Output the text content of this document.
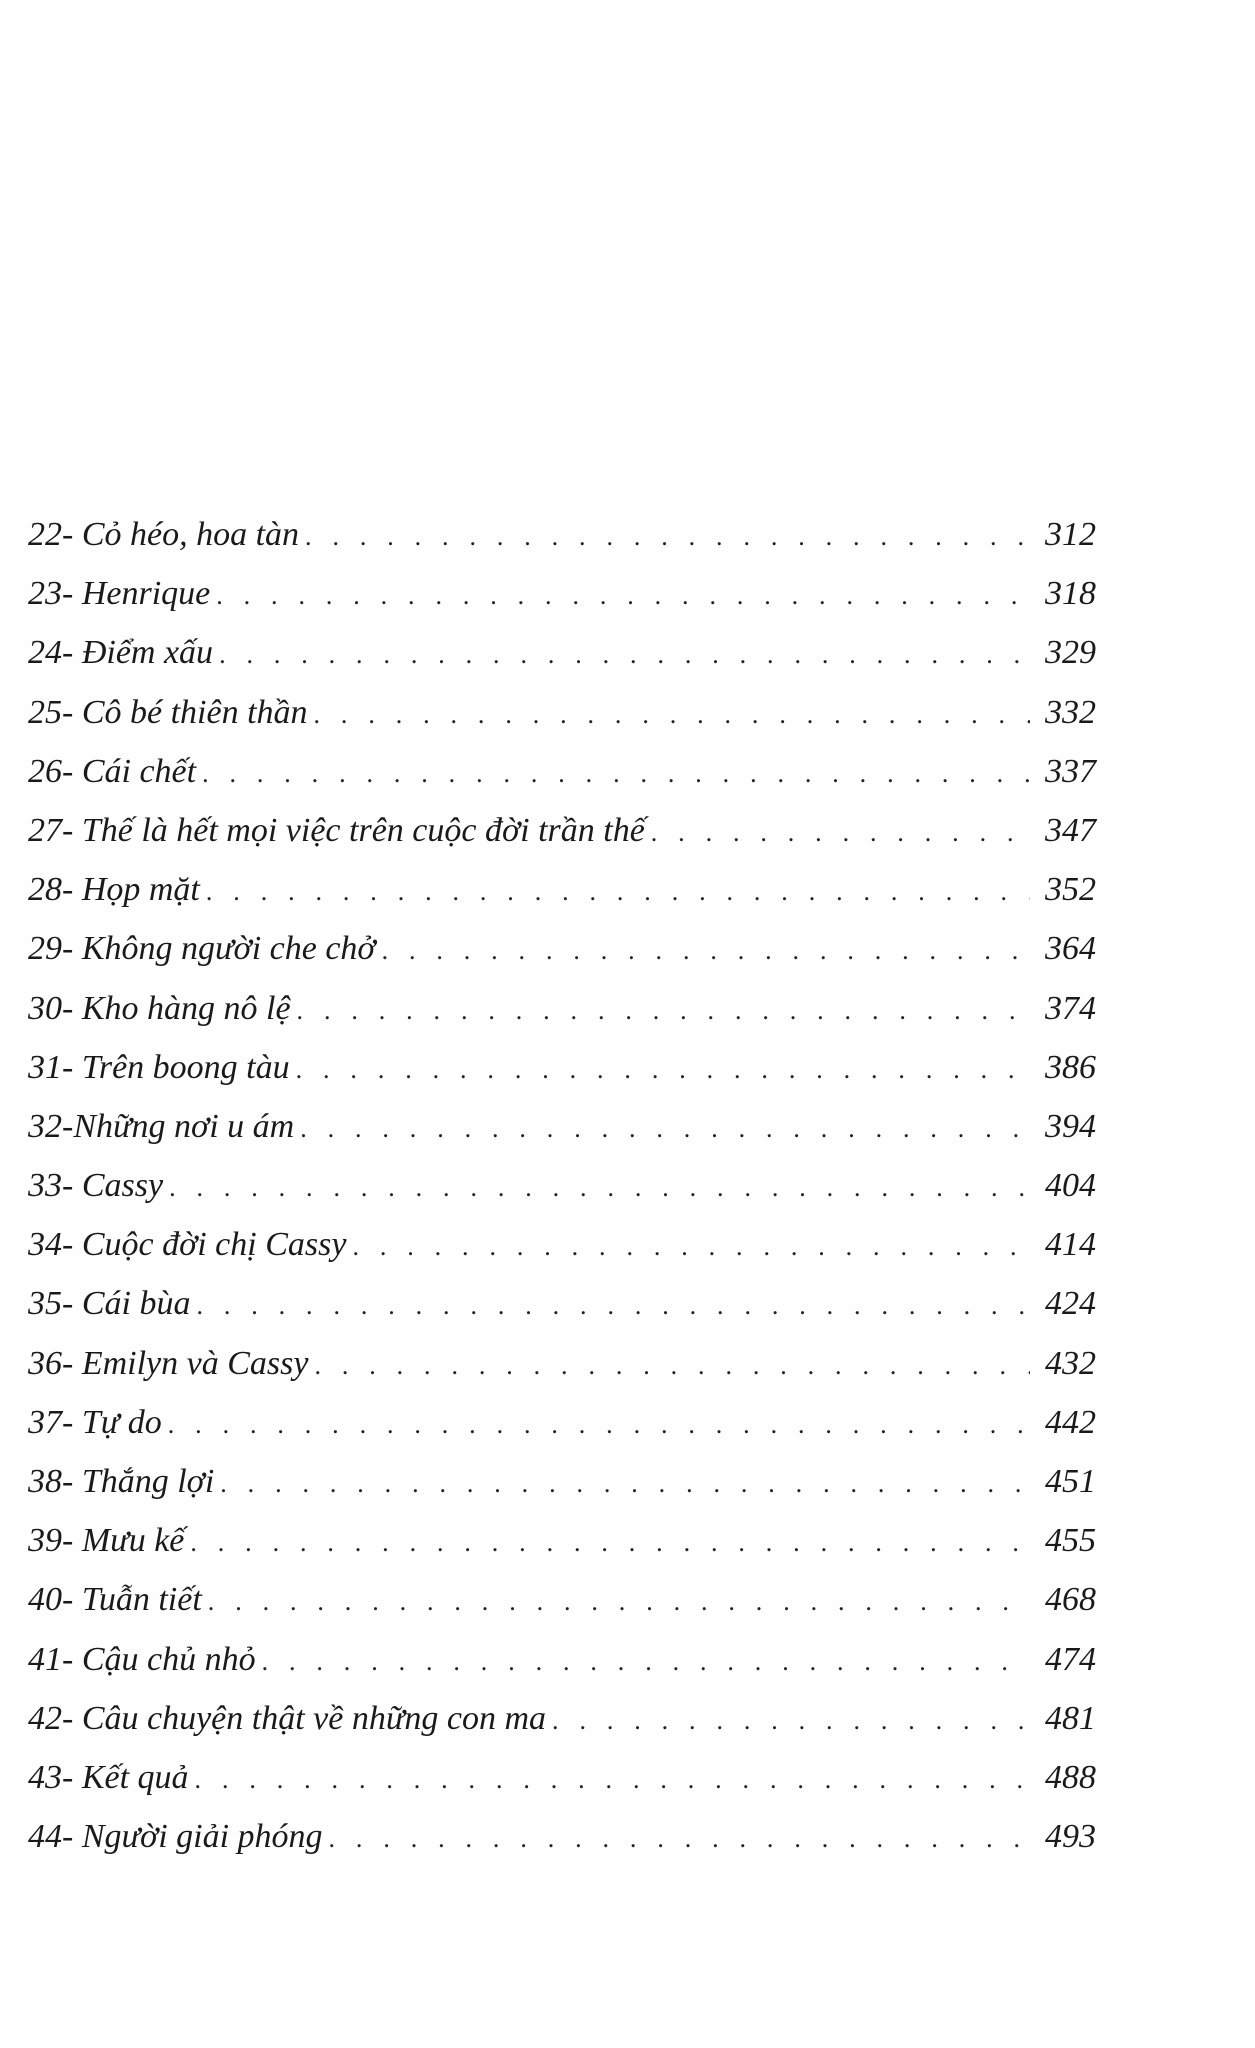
22- Cỏ héo, hoa tàn . . .	312
23- Henrique . . .	318
24- Điểm xấu . . .	329
25- Cô bé thiên thần . . .	332
26- Cái chết . . .	337
27- Thế là hết mọi việc trên cuộc đời trần thế . . .	347
28- Họp mặt . . .	352
29- Không người che chở . . .	364
30- Kho hàng nô lệ . . .	374
31- Trên boong tàu . . .	386
32-Những nơi u ám . . .	394
33- Cassy . . .	404
34- Cuộc đời chị Cassy . . .	414
35- Cái bùa . . .	424
36- Emilyn và Cassy . . .	432
37- Tự do . . .	442
38- Thắng lợi . . .	451
39- Mưu kế . . .	455
40- Tuẫn tiết . . .	468
41- Cậu chủ nhỏ . . .	474
42- Câu chuyện thật về những con ma . . .	481
43- Kết quả . . .	488
44- Người giải phóng . . .	493
